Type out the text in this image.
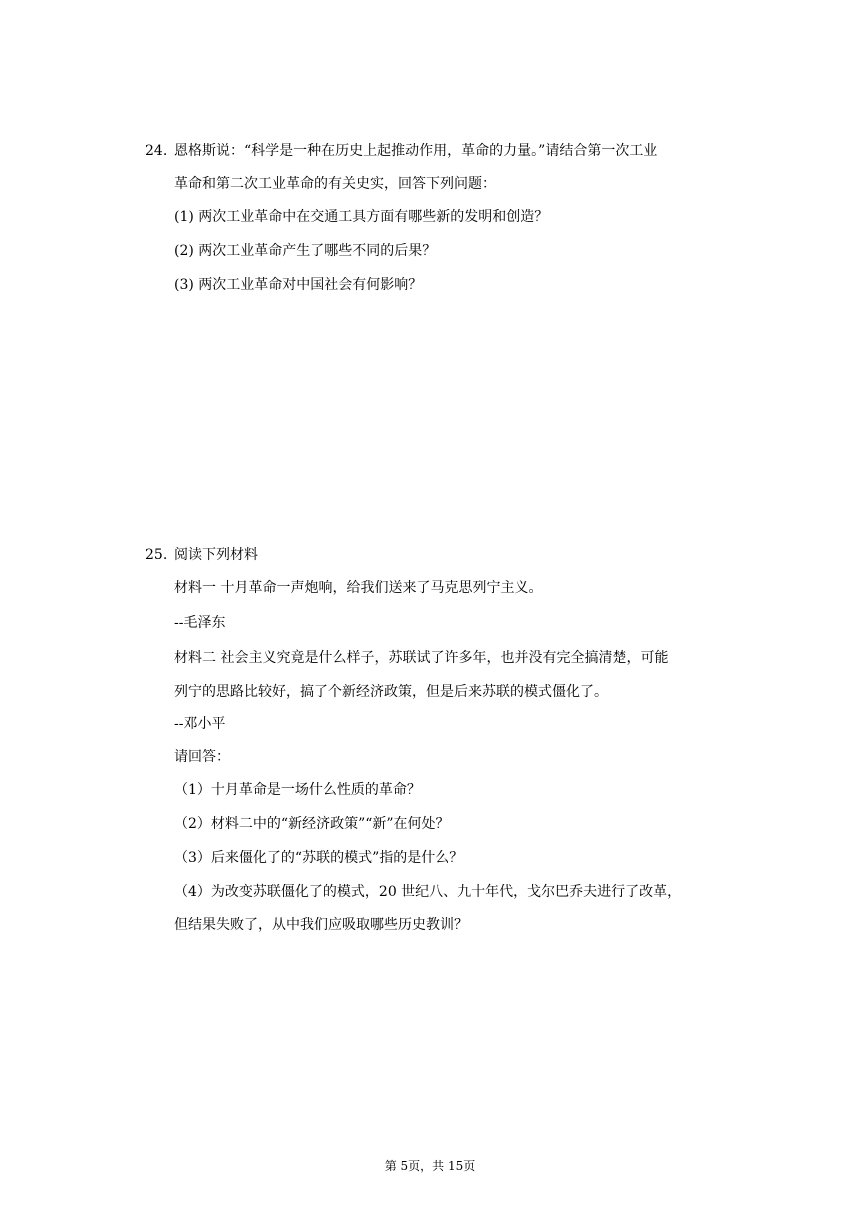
24. 恩格斯说：“科学是一种在历史上起推动作用，革命的力量。”请结合第一次工业
革命和第二次工业革命的有关史实，回答下列问题：
(1) 两次工业革命中在交通工具方面有哪些新的发明和创造？
(2) 两次工业革命产生了哪些不同的后果？
(3) 两次工业革命对中国社会有何影响？
25. 阅读下列材料
材料一 十月革命一声炮响，给我们送来了马克思列宁主义。
--毛泽东
材料二 社会主义究竟是什么样子，苏联试了许多年，也并没有完全搞清楚，可能
列宁的思路比较好，搞了个新经济政策，但是后来苏联的模式僵化了。
--邓小平
请回答：
（1）十月革命是一场什么性质的革命？
（2）材料二中的“新经济政策”“新”在何处？
（3）后来僵化了的“苏联的模式”指的是什么？
（4）为改变苏联僵化了的模式，20 世纪八、九十年代，戈尔巴乔夫进行了改革，
但结果失败了，从中我们应吸取哪些历史教训？
第 5页，共 15页
